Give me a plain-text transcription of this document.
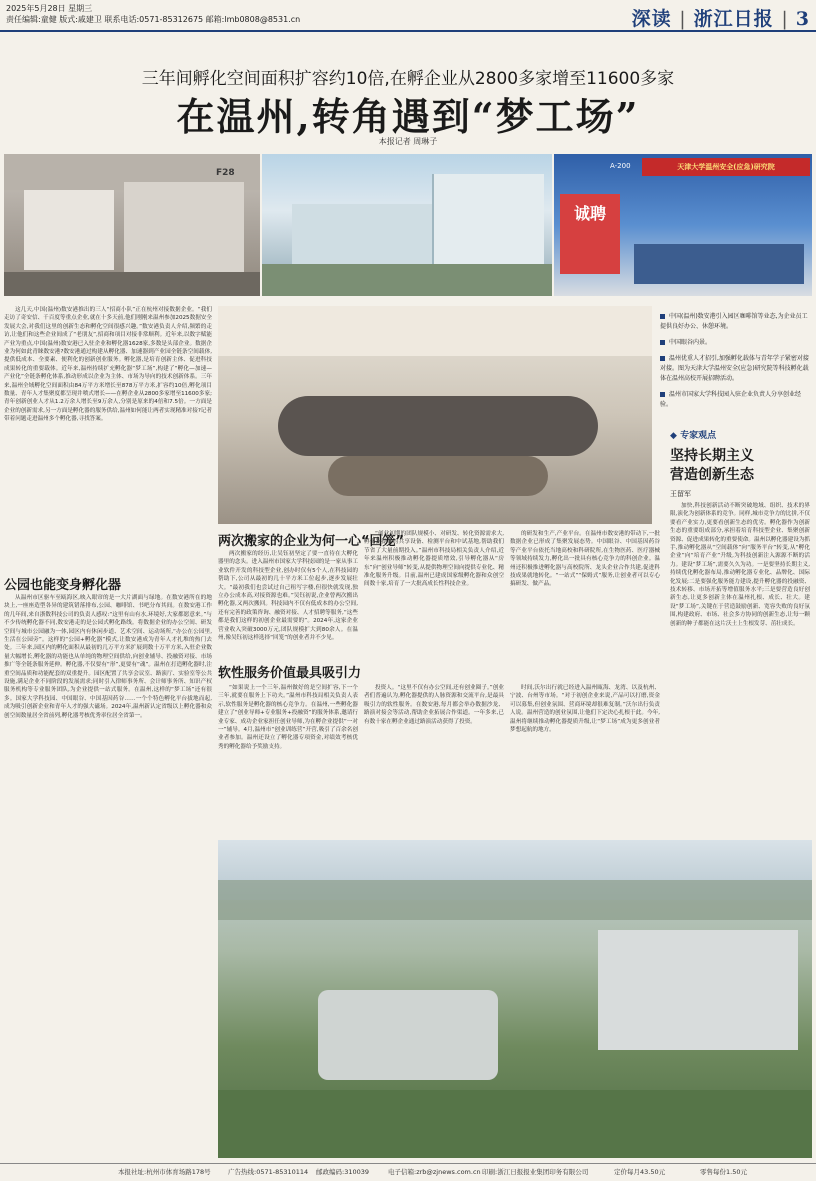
2025年5月28日 星期三
责任编辑:童健 版式:戚建卫 联系电话:0571-85312675 邮箱:lmb0808@8531.cn	深读 | 浙江日报 | 3
三年间孵化空间面积扩容约10倍,在孵企业从2800多家增至11600多家
在温州,转角遇到“梦工场”
本报记者 周琳子
F28
天津大学温州安全(应急)研究院
A-200
诚聘
中国(温州)数安港引入园区咖啡馆等业态,为企业员工提供良好办公、休憩环境。
中国眼谷内景。
温州优重人才招引,加强孵化载体与青年学子紧密对接对接。图为天津大学温州安全(应急)研究院等科技孵化载体在温州高校开展招聘活动。
温州市国家大学科技园入驻企业负责人分享创业经验。
◆ 专家观点
坚持长期主义
营造创新生态
王留军

加快,科技创新活动不断突破地域、组织、技术的界限,演化为创新体系的竞争。同样,城市竞争力的比拼,不仅要看产业实力,更要看创新生态的优劣。孵化器作为创新生态的重要组成部分,承担着培育科技型企业、集聚创新资源、促进成果转化的重要使命。温州以孵化器建设为抓手,推动孵化器从“空间载体”向“服务平台”转变,从“孵化企业”向“培育产业”升级,为科技创新注入源源不断的活力。建设“梦工场”,需要久久为功。一是要坚持长期主义,持续优化孵化器布局,推动孵化器专业化、品牌化、国际化发展;二是要强化服务能力建设,提升孵化器的投融资、技术转移、市场开拓等增值服务水平;三是要营造良好创新生态,让更多创新主体在温州扎根、成长、壮大。建设“梦工场”,关键在于营造鼓励创新、宽容失败的良好氛围,构建政府、市场、社会多方协同的创新生态,让每一颗创新的种子都能在这片沃土上生根发芽、茁壮成长。

这几天,中国(温州)数安港推出的三人“招商小队”正在杭州对接数据企业。“我们走访了奇安信、千百度等重点企业,就在十多天前,他们刚刚来温州参加2025数据安全发展大会,对我们这里的创新生态和孵化空间很感兴趣。”数安港负责人介绍,频繁的走访,让他们和这些企业间成了“老朋友”,招商和项目对接非常顺利。近年来,以数字赋能产业为重点,中国(温州)数安港已入驻企业和孵化器1628家,多数是头部企业。数据企业为何如此青睐数安港?数安港通过构建从孵化器、加速器到产业园全链条空间载体,提供低成本、全要素、便利化的创新创业服务。孵化器,是培育创新主体、促进科技成果转化的重要载体。近年来,温州持续扩充孵化器“梦工场”,构建了“孵化—加速—产业化”全链条孵化体系,推动形成以企业为主体、市场为导向的技术创新体系。三年来,温州全域孵化空间面积由84万平方米增长至878万平方米,扩容约10倍,孵化项目数量、青年人才集聚度都呈现井喷式增长——在孵企业从2800多家增至11600多家;青年创新创业人才从1.2万余人增长至9万余人,分别是原来的4倍和7.5倍。一方面是企业的创新需求,另一方面是孵化器的服务供给,温州如何能让两者实现精准对接?记者带着问题走进温州多个孵化器,寻找答案。

公园也能变身孵化器

从温州市区驱车至瓯海区,映入眼帘的是一大片湖面与绿地。在数安港所在的地块上,一座座造型各异的建筑错落排布,公园、咖啡馆、书吧分布其间。在数安港工作的几年间,来自浙数科技公司的负责人感叹:“这里有山有水,环境好,大家都愿意来。”与不少传统孵化器不同,数安港走的是公园式孵化路线。将数据企业的办公空间、研发空间与城市公园融为一体,园区内有休闲步道、艺术空间、运动场所,“办公在公园里,生活在公园旁”。这样的“公园+孵化器”模式,让数安港成为青年人才扎堆的热门去处。三年来,园区内的孵化面积从最初的几万平方米扩展到数十万平方米,入驻企业数量大幅增长,孵化器的功能也从单纯的物理空间供给,向创业辅导、投融资对接、市场推广等全链条服务延伸。孵化器,不仅要有“形”,更要有“魂”。温州在打造孵化器时,注重空间品质和功能配套的双重提升。园区配置了共享会议室、路演厅、实验室等公共设施,满足企业不同阶段的发展需求;同时引入律师事务所、会计师事务所、知识产权服务机构等专业服务团队,为企业提供一站式服务。在温州,这样的“梦工场”还有很多。国家大学科技园、中国眼谷、中国基因药谷……一个个特色孵化平台拔地而起,成为吸引创新企业和青年人才的强大磁场。2024年,温州新认定省级以上孵化器和众创空间数量居全省前列,孵化器考核优秀率位居全省第一。

两次搬家的企业为何一心“回笼”

两次搬家的经历,让吴钰初坚定了要一直待在大孵化器里的念头。进入温州市国家大学科技园的是一家从事工业软件开发的科技型企业,创办时仅有5个人,在科技园的帮助下,公司从最初的几十平方米工位起步,逐步发展壮大。“最初我们也尝试过自己租写字楼,但很快就发现,独立办公成本高,对接资源也难。”吴钰初说,企业曾两次搬出孵化器,又两次搬回。科技园内不仅有低成本的办公空间,还有完善的政策咨询、融资对接、人才招聘等服务,“这些都是我们这样的初创企业最需要的”。2024年,这家企业营业收入突破3000万元,团队规模扩大到80余人。在温州,像吴钰初这样选择“回笼”的创业者并不少见。

“创业初期的团队规模小、对研发、转化资源需求大,孵化器提供的共享设备、检测平台和中试基地,帮助我们节省了大量前期投入。”温州市科技局相关负责人介绍,近年来温州积极推动孵化器提质增效,引导孵化器从“房东”向“创业导师”转变,从提供物理空间向提供专业化、精准化服务升级。目前,温州已建成国家级孵化器和众创空间数十家,培育了一大批高成长性科技企业。

的研发和生产,产业平台。在温州市数安港的带动下,一批数据企业已形成了集聚发展态势。中国眼谷、中国基因药谷等产业平台依托当地高校和科研院所,在生物医药、医疗器械等领域持续发力,孵化出一批具有核心竞争力的科创企业。温州还积极推进孵化器与高校院所、龙头企业合作共建,促进科技成果就地转化。“一站式”“保姆式”服务,让创业者可以专心搞研发、做产品。

软性服务价值最具吸引力

“如果说上一个三年,温州做好的是空间扩容,下一个三年,就要在服务上下功夫。”温州市科技局相关负责人表示,软性服务是孵化器的核心竞争力。在温州,一些孵化器建立了“创业导师+专业服务+投融资”的服务体系,邀请行业专家、成功企业家担任创业导师,为在孵企业提供“一对一”辅导。4月,温州市“创业训练营”开营,吸引了百余名创业者参加。温州还设立了孵化器专项资金,对绩效考核优秀的孵化器给予奖励支持。

投资人。“这里不仅有办公空间,还有创业圈子。”创业者们普遍认为,孵化器提供的人脉资源和交流平台,是最具吸引力的软性服务。在数安港,每月都会举办数据沙龙、路演对接会等活动,帮助企业拓展合作渠道。一年多来,已有数十家在孵企业通过路演活动获得了投资。

时间,沃尔出行就已经进入温州瓯海、龙湾、以及杭州、宁波、台州等市场。“对于初创企业来说,产品可以打磨,资金可以募集,但创业氛围、营商环境却很难复制。”沃尔出行负责人说。温州营造的创业氛围,让他们下定决心扎根于此。今年,温州将继续推动孵化器提质升级,让“梦工场”成为更多创业者梦想起航的地方。

本报社址:杭州市体育场路178号	广告热线:0571-85310114 邮政编码:310039	电子信箱:zrb@zjnews.com.cn 印刷:浙江日报报业集团印务有限公司	定价每月43.50元	零售每份1.50元
